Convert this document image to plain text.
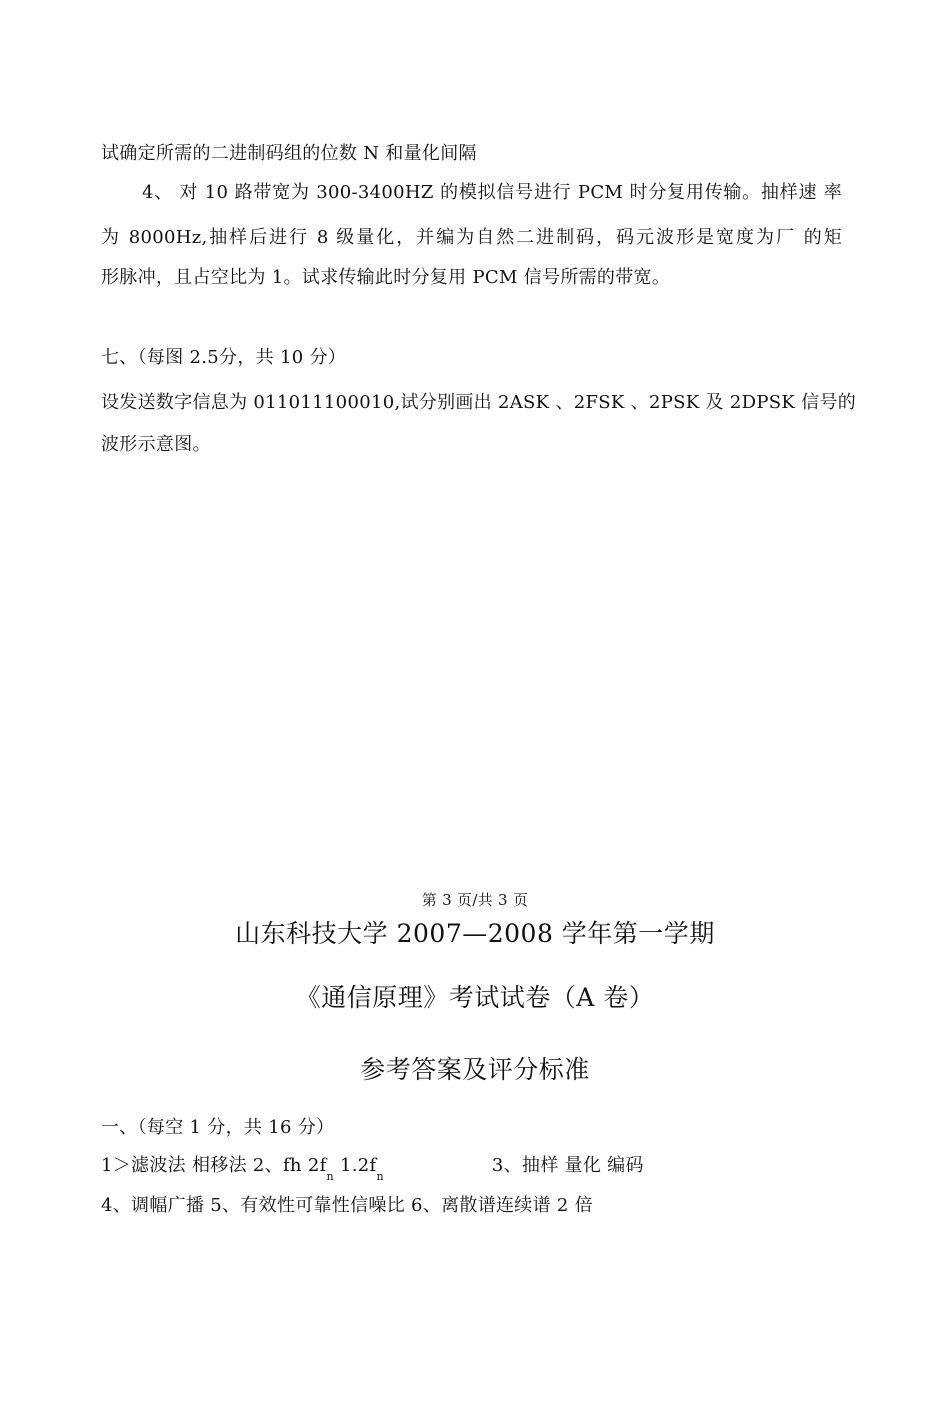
试确定所需的二进制码组的位数 N 和量化间隔
4、 对 10 路带宽为 300-3400HZ 的模拟信号进行 PCM 时分复用传输。抽样速 率
为 8000Hz,抽样后进行 8 级量化，并编为自然二进制码，码元波形是宽度为厂 的矩
形脉冲，且占空比为 1。试求传输此时分复用 PCM 信号所需的带宽。
七、（每图 2.5分，共 10 分）
设发送数字信息为 011011100010,试分别画出 2ASK 、2FSK 、2PSK 及 2DPSK 信号的
波形示意图。
第 3 页/共 3 页
山东科技大学 2007—2008 学年第一学期
《通信原理》考试试卷（A 卷）
参考答案及评分标准
一、（每空 1 分，共 16 分）
1＞滤波法 相移法 2、fh $2f_n$ $1.2f_n3$、抽样 量化 编码
4、调幅广播 5、有效性可靠性信噪比 6、离散谱连续谱 2 倍
